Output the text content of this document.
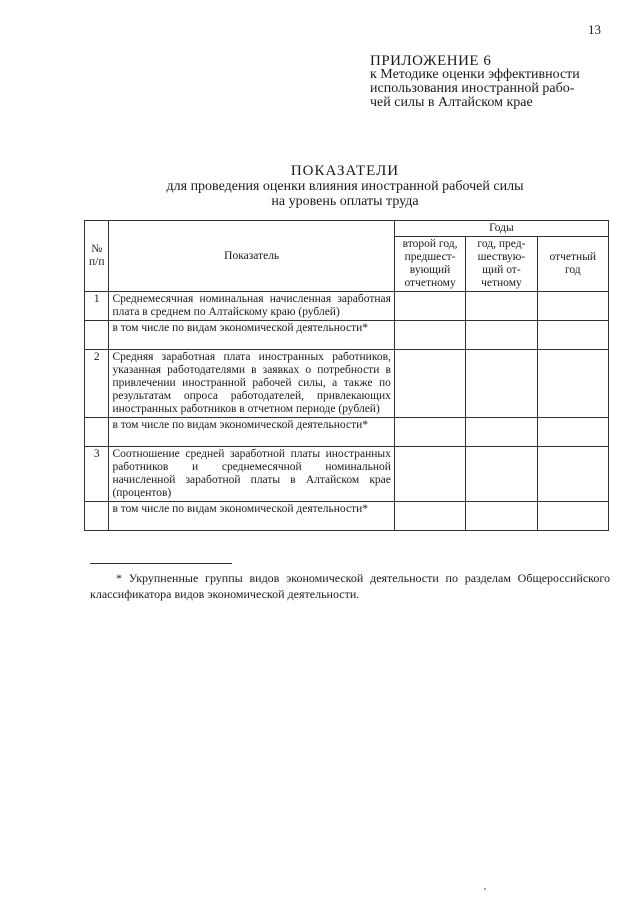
13
ПРИЛОЖЕНИЕ 6
к Методике оценки эффективности
использования иностранной рабо-
чей силы в Алтайском крае
ПОКАЗАТЕЛИ
для проведения оценки влияния иностранной рабочей силы
на уровень оплаты труда
№ п/п	Показатель	Годы		
		второй год, предшест-вующий отчетному	год, пред-шествую-щий от-четному	отчетный год
1	Среднемесячная номинальная начисленная заработная плата в среднем по Алтайскому краю (рублей)			
	в том числе по видам экономической деятельности*			
2	Средняя заработная плата иностранных работников, указанная работодателями в заявках о потребности в привлечении иностранной рабочей силы, а также по результатам опроса работодателей, привлекающих иностранных работников в отчетном периоде (рублей)			
	в том числе по видам экономической деятельности*			
3	Соотношение средней заработной платы иностранных работников и среднемесячной номинальной начисленной заработной платы в Алтайском крае (процентов)			
	в том числе по видам экономической деятельности*			
* Укрупненные группы видов экономической деятельности по разделам Общероссийского классификатора видов экономической деятельности.
